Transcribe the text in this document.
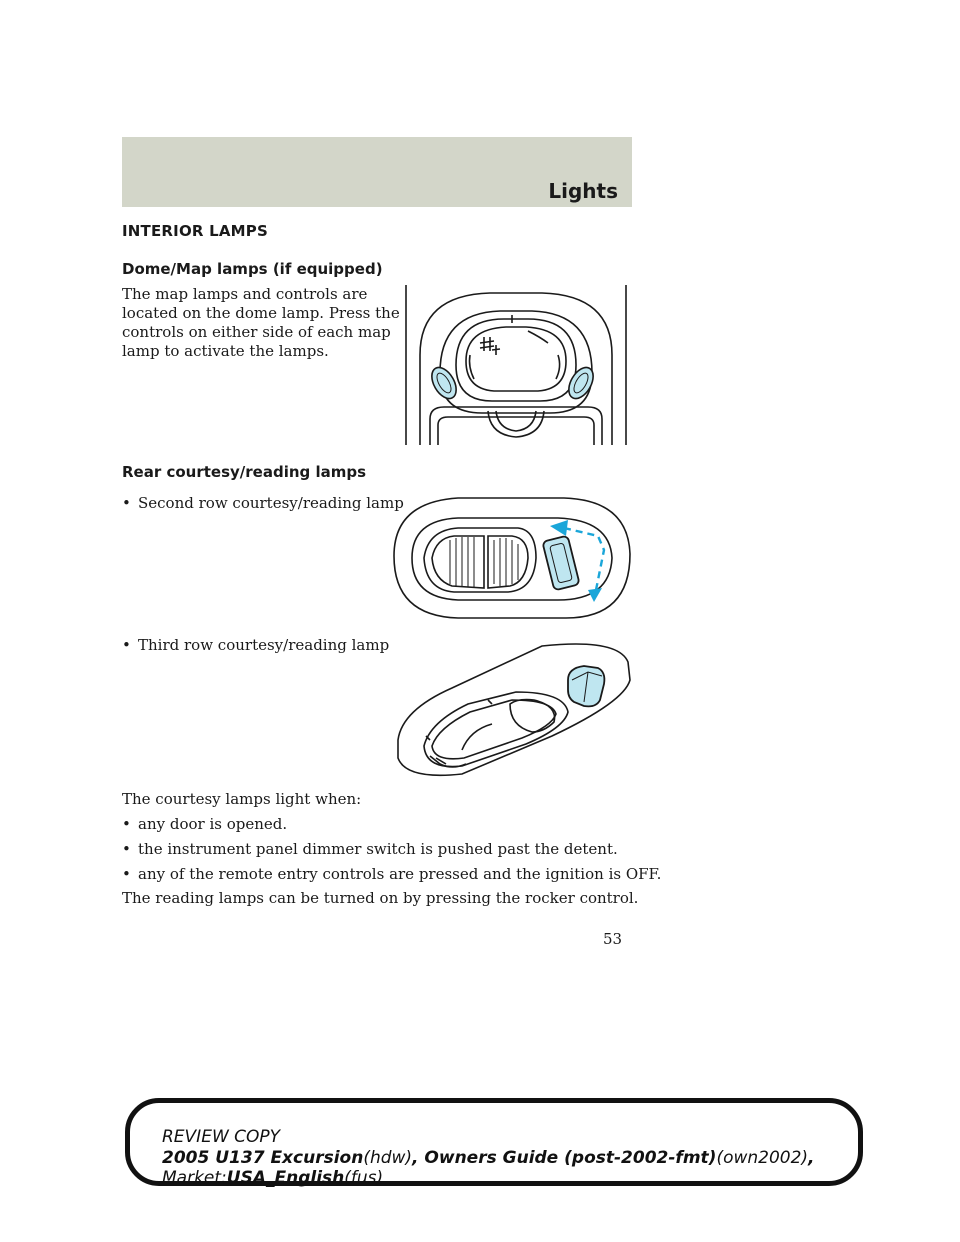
Lights
INTERIOR LAMPS
Dome/Map lamps (if equipped)

The map lamps and controls are
located on the dome lamp. Press the
controls on either side of each map
lamp to activate the lamps.

Rear courtesy/reading lamps
• Second row courtesy/reading lamp
• Third row courtesy/reading lamp
The courtesy lamps light when:
• any door is opened.
• the instrument panel dimmer switch is pushed past the detent.
• any of the remote entry controls are pressed and the ignition is OFF.
The reading lamps can be turned on by pressing the rocker control.
53
REVIEW COPY
2005 U137 Excursion(hdw), Owners Guide (post-2002-fmt)(own2002),
Market:USA_English(fus)
